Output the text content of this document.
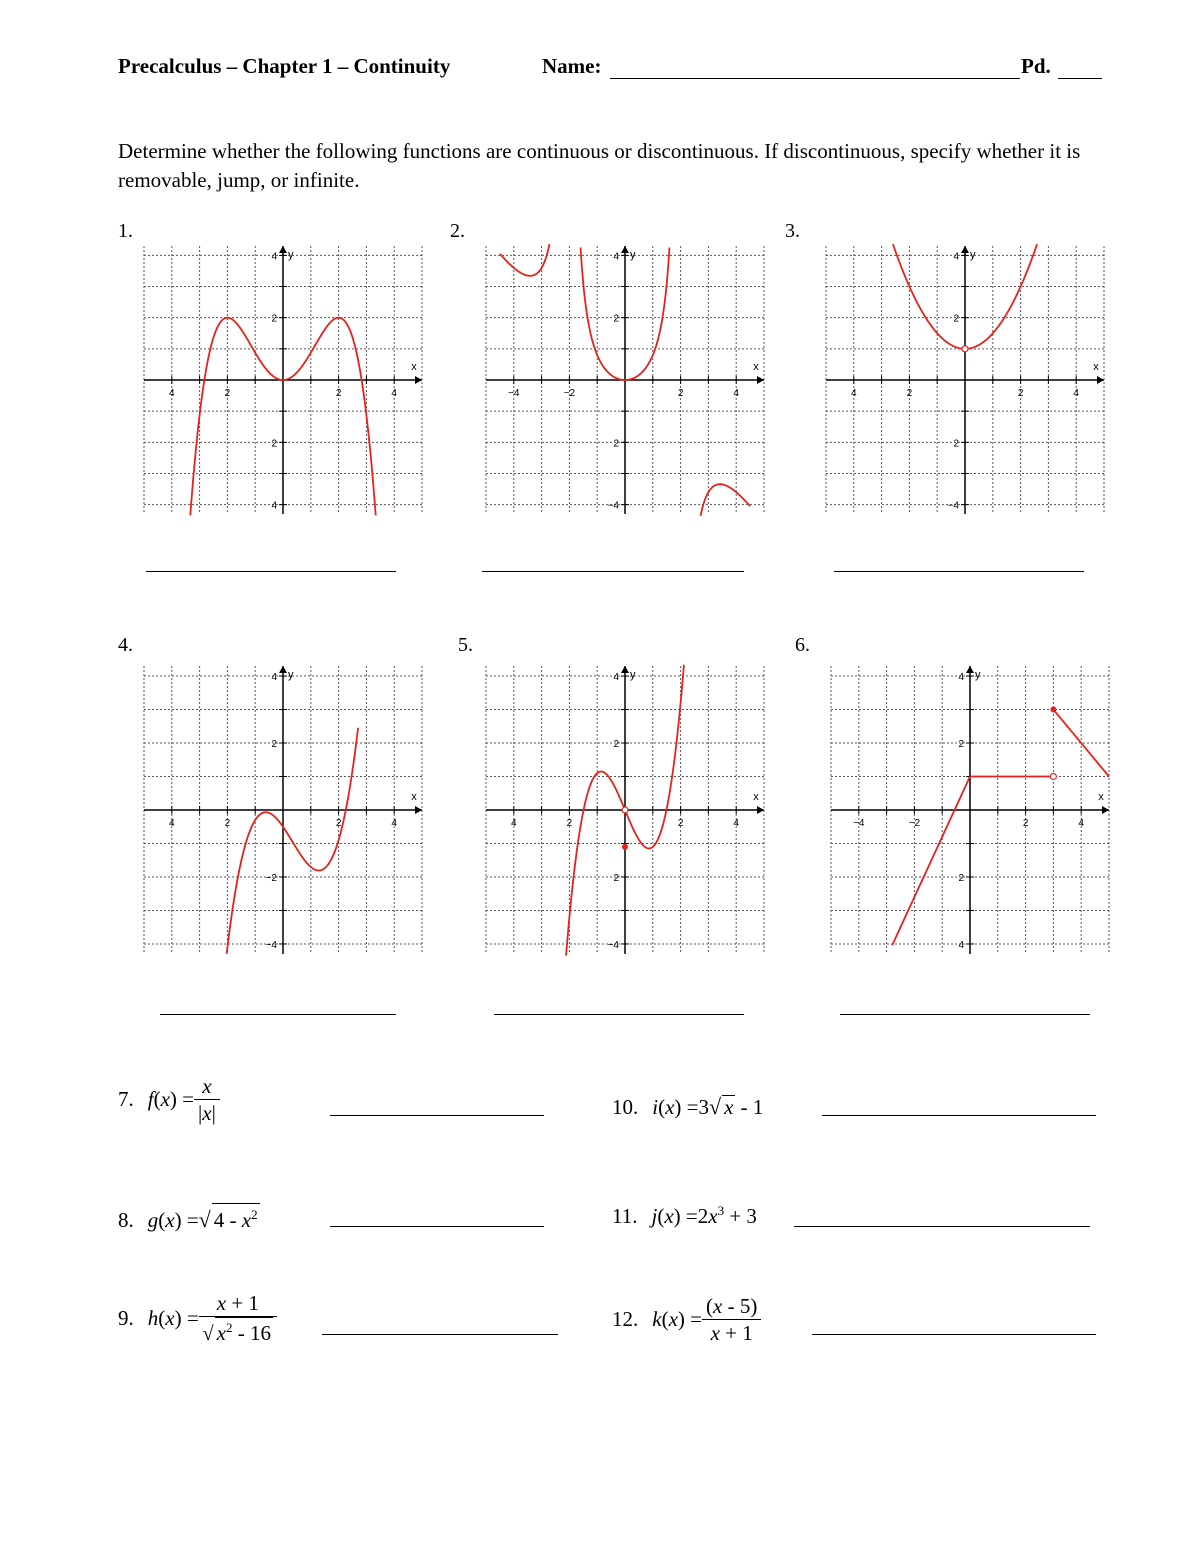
Precalculus – Chapter 1 – Continuity	Name:	Pd.
Determine whether the following functions are continuous or discontinuous. If discontinuous, specify whether it is removable, jump, or infinite.
1.	2.	3.
4.	5.	6.
4	2	2	4
4
2
2
4
x
y
−4	−2	2	4
4
2
2
−4
x
y
4	2	2	4
4
2
2
−4
x
y
4	2	2	4
4
2
−2
−4
x
y
4	2	2	4
4
2
2
−4
x
y
−4	−2	2	4
4
2
2
4
x
y
7. $f(x) = \frac{x}{|x|}$
8. g(x) =√ $4 - x^2$
9. $h(x) = \frac{x + 1}{√ x^2 - 16}$
10. i(x) =3√ x - 1
11. $j(x) =2x^3 + 3$
12. $k(x) = \frac{(x - 5)}{x + 1}$
